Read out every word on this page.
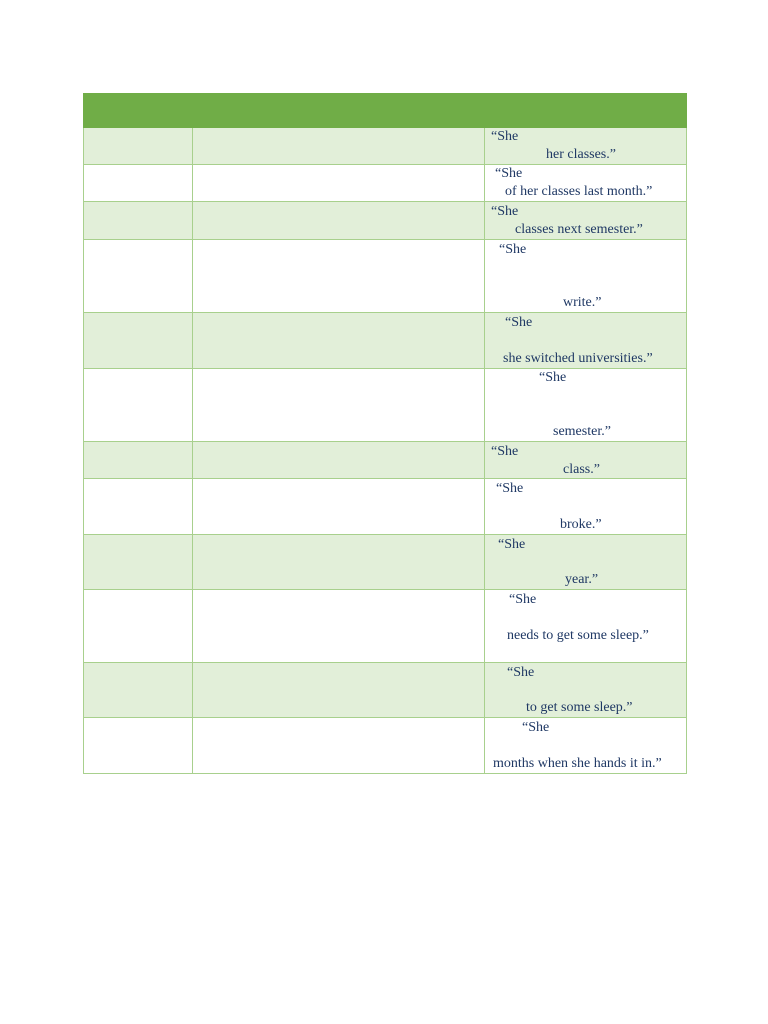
		“She
her classes.”

		“She
of her classes last month.”

		“She
classes next semester.”

		“She
write.”

		“She
she switched universities.”

		“She
semester.”

		“She
class.”

		“She
broke.”

		“She
year.”

		“She
needs to get some sleep.”

		“She
to get some sleep.”

		“She
months when she hands it in.”
